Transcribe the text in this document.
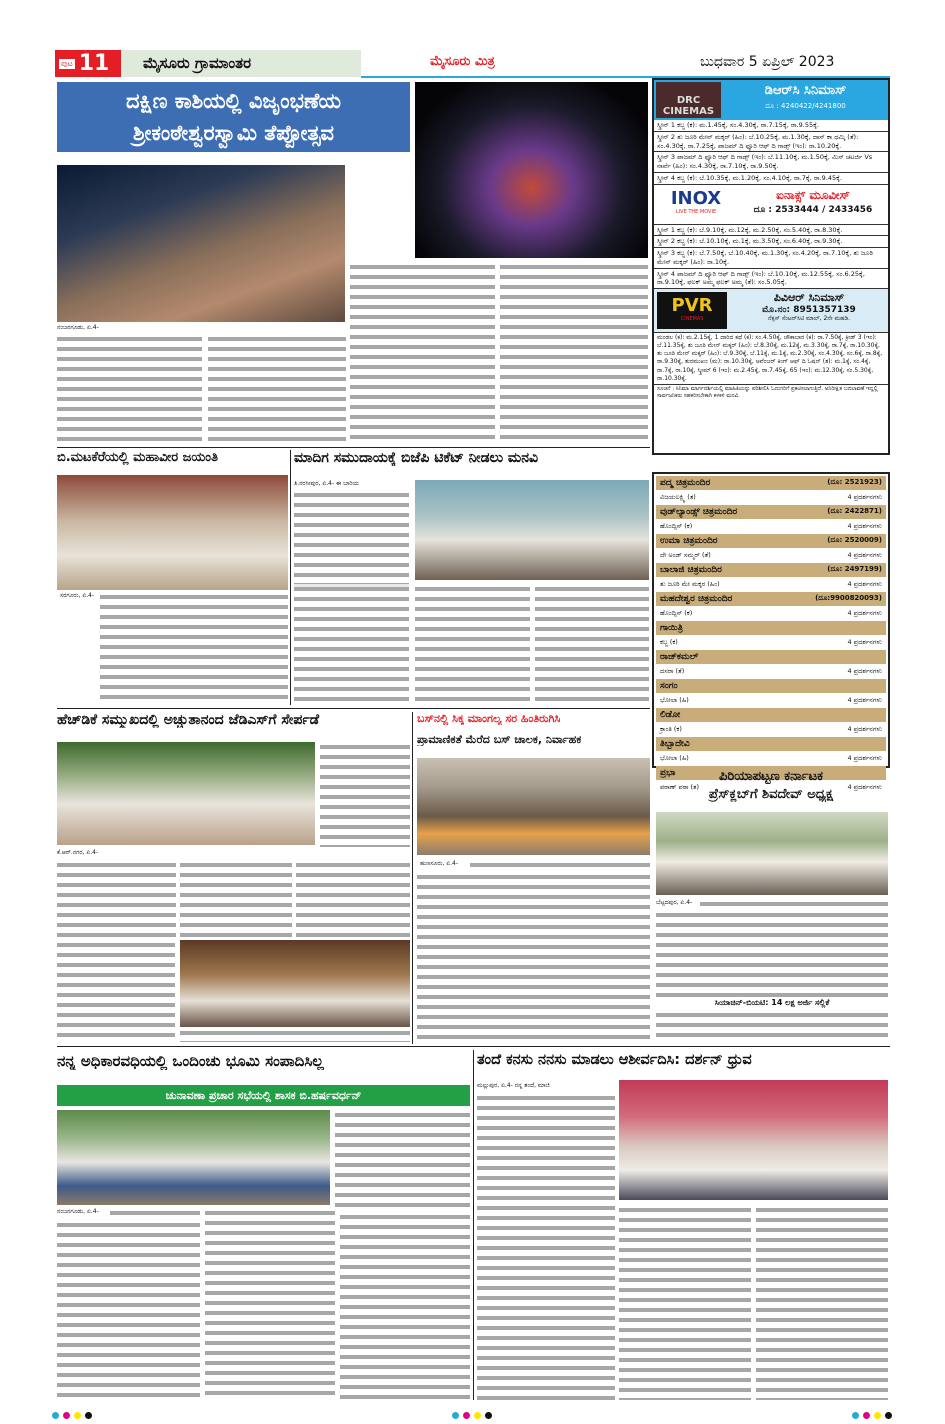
ಪುಟ 11	ಮೈಸೂರು ಗ್ರಾಮಾಂತರ	ಮೈಸೂರು ಮಿತ್ರ	ಬುಧವಾರ 5 ಏಪ್ರಿಲ್ 2023
ದಕ್ಷಿಣ ಕಾಶಿಯಲ್ಲಿ ವಿಜೃಂಭಣೆಯ
ಶ್ರೀಕಂಠೇಶ್ವರಸ್ವಾಮಿ ತೆಪ್ಪೋತ್ಸವ
ನಂಜನಗೂಡು, ಏ.4-
ಬಿ.ಮಟಕೆರೆಯಲ್ಲಿ ಮಹಾವೀರ ಜಯಂತಿ
ಸರಗೂರು, ಏ.4-
ಮಾದಿಗ ಸಮುದಾಯಕ್ಕೆ ಬಿಜೆಪಿ ಟಿಕೆಟ್ ನೀಡಲು ಮನವಿ
ತಿ.ನರಸೀಪುರ, ಏ.4- ಈ ಬಾರಿಯ
DRC CINEMAS
ಡಿಆರ್‌ಸಿ ಸಿನಿಮಾಸ್
ದೂ : 4240422/4241800
ಸ್ಕ್ರೀನ್ 1 ಕಬ್ಜ (ಕ): ಮ.1.45ಕ್ಕೆ, ಸಂ.4.30ಕ್ಕೆ, ರಾ.7.15ಕ್ಕೆ, ರಾ.9.55ಕ್ಕೆ.
ಸ್ಕ್ರೀನ್ 2 ತು ಜೂಠಿ ಮೇನ್ ಮಕ್ಕರ್ (ಹಿಂ): ಬೆ.10.25ಕ್ಕೆ, ಮ.1.30ಕ್ಕೆ, ದಾಸ್ ಕಾ ಧಮ್ಕಿ (ತೆ): ಸಂ.4.30ಕ್ಕೆ, ರಾ.7.25ಕ್ಕೆ, ಪಾಜಮ್ ದಿ ಫ್ಯೂರಿ ಆಫ್ ದಿ ಗಾಡ್ಸ್ (ಇಂ): ರಾ.10.20ಕ್ಕೆ.
ಸ್ಕ್ರೀನ್ 3 ಪಾಜಮ್ ದಿ ಫ್ಯೂರಿ ಆಫ್ ದಿ ಗಾಡ್ಸ್ (ಇಂ): ಬೆ.11.10ಕ್ಕೆ, ಮ.1.50ಕ್ಕೆ, ಮಿಸ್ ಚಟರ್ಜಿ Vs ನಾರ್ವೆ (ಹಿಂ): ಸಂ.4.30ಕ್ಕೆ, ರಾ.7.10ಕ್ಕೆ, ರಾ.9.50ಕ್ಕೆ.
ಸ್ಕ್ರೀನ್ 4 ಕಬ್ಜ (ಕ): ಬೆ.10.35ಕ್ಕೆ, ಮ.1.20ಕ್ಕೆ, ಸಂ.4.10ಕ್ಕೆ, ರಾ.7ಕ್ಕೆ, ರಾ.9.45ಕ್ಕೆ.
INOX
LIVE THE MOVIE
ಐನಾಕ್ಸ್ ಮೂವೀಸ್
ದೂ : 2533444 / 2433456
ಸ್ಕ್ರೀನ್ 1 ಕಬ್ಜ (ಕ): ಬೆ.9.10ಕ್ಕೆ, ಮ.12ಕ್ಕೆ, ಮ.2.50ಕ್ಕೆ, ಸಂ.5.40ಕ್ಕೆ, ರಾ.8.30ಕ್ಕೆ.
ಸ್ಕ್ರೀನ್ 2 ಕಬ್ಜ (ಕ): ಬೆ.10.10ಕ್ಕೆ, ಮ.1ಕ್ಕೆ, ಮ.3.50ಕ್ಕೆ, ಸಂ.6.40ಕ್ಕೆ, ರಾ.9.30ಕ್ಕೆ.
ಸ್ಕ್ರೀನ್ 3 ಕಬ್ಜ (ಕ): ಬೆ.7.50ಕ್ಕೆ, ಬೆ.10.40ಕ್ಕೆ, ಮ.1.30ಕ್ಕೆ, ಸಂ.4.20ಕ್ಕೆ, ರಾ.7.10ಕ್ಕೆ, ತು ಜೂಠಿ ಮೇನ್ ಮಕ್ಕರ್ (ಹಿಂ): ರಾ.10ಕ್ಕೆ.
ಸ್ಕ್ರೀನ್ 4 ಪಾಜಮ್ ದಿ ಫ್ಯೂರಿ ಆಫ್ ದಿ ಗಾಡ್ಸ್ (ಇಂ): ಬೆ.10.10ಕ್ಕೆ, ಮ.12.55ಕ್ಕೆ, ಸಂ.6.25ಕ್ಕೆ, ರಾ.9.10ಕ್ಕೆ, ಫಲಕ್ ಅಮ್ಮ ಫಲಕ್ ಅಮ್ಮ (ತೆ): ಸಂ.5.05ಕ್ಕೆ.
PVR
CINEMAS
ಪಿವಿಆರ್ ಸಿನಿಮಾಸ್
ಮೊ.ನಂ: 8951357139
ನೆಕ್ಸಸ್ ಸೆಂಟರ್‌ಸಿಟಿ ಮಾಲ್, 2ನೇ ಮಹಡಿ.
ಮಂಡಲ (ಕ): ಮ.2.15ಕ್ಕೆ, 1 ದಾರಿದ ಕಥೆ (ಕ): ಸಂ.4.50ಕ್ಕೆ, ಚೌಕಾಬಾರ (ಕ): ರಾ.7.50ಕ್ಕೆ, ಕ್ರೀಡ್ 3 (ಇಂ): ಬೆ.11.35ಕ್ಕೆ, ತು ಜೂಠಿ ಮೇನ್ ಮಕ್ಕರ್ (ಹಿಂ): ಬೆ.8.30ಕ್ಕೆ, ಮ.12ಕ್ಕೆ, ಮ.3.30ಕ್ಕೆ, ರಾ.7ಕ್ಕೆ, ರಾ.10.30ಕ್ಕೆ, ತು ಜೂಠಿ ಮೇನ್ ಮಕ್ಕರ್ (ಹಿಂ): ಬೆ.9.30ಕ್ಕೆ, ಬೆ.11ಕ್ಕೆ, ಮ.1ಕ್ಕೆ, ಮ.2.30ಕ್ಕೆ, ಸಂ.4.30ಕ್ಕೆ, ಸಂ.6ಕ್ಕೆ, ರಾ.8ಕ್ಕೆ, ರಾ.9.30ಕ್ಕೆ, ತುರಮುಖಂ (ಮ): ರಾ.10.30ಕ್ಕೆ, ಅವೆಂಜರ್ ಕಿಂಗ್ ಆಫ್ ದಿ ಓಷನ್ (ತ): ಮ.1ಕ್ಕೆ, ಸಂ.4ಕ್ಕೆ, ರಾ.7ಕ್ಕೆ, ರಾ.10ಕ್ಕೆ, ಸ್ಕ್ರೀಮ್ 6 (ಇಂ): ಮ.2.45ಕ್ಕೆ, ರಾ.7.45ಕ್ಕೆ, 65 (ಇಂ): ಮ.12.30ಕ್ಕೆ, ಸಂ.5.30ಕ್ಕೆ, ರಾ.10.30ಕ್ಕೆ.
ಸೂಚನೆ : ಸಿನಿಮಾ ಮಾರ್ಗದರ್ಶಿಯಲ್ಲಿ ಮಾಹಿತಿಯನ್ನು ಪರಿಶೀಲಿಸಿ ಓದುಗರಿಗೆ ಪ್ರಕಟಿಸಲಾಗುತ್ತಿದೆ. ಅನಿರೀಕ್ಷಿತ ಬದಲಾವಣೆ ಇದ್ದಲ್ಲಿ ಸಾರ್ವಜನಿಕರು ಸಹಕರಿಸಬೇಕಾಗಿ ಕಳಕಳಿ ಮನವಿ.
ಪದ್ಮ ಚಿತ್ರಮಂದಿರ	(ದೂ: 2521923)
ವಿಜಯಲಕ್ಷ್ಮಿ (ತ)	4 ಪ್ರದರ್ಶನಗಳು
ವುಡ್‌ಲ್ಯಾಂಡ್ಸ್ ಚಿತ್ರಮಂದಿರ	(ದೂ: 2422871)
ಹೊಂದ್ಸಿಸ್ (ಕ)	4 ಪ್ರದರ್ಶನಗಳು
ಉಮಾ ಚಿತ್ರಮಂದಿರ	(ದೂ: 2520009)
ದೇ ಅಂಡ್ ಸಮ್ಮರ್ (ತೆ)	4 ಪ್ರದರ್ಶನಗಳು
ಬಾಲಾಜಿ ಚಿತ್ರಮಂದಿರ	(ದೂ: 2497199)
ತು ಜೂಠಿ ಮೇ ಮಕ್ಕರ (ಹಿಂ)	4 ಪ್ರದರ್ಶನಗಳು
ಮಹದೇಶ್ವರ ಚಿತ್ರಮಂದಿರ	(ದೂ:9900820093)
ಹೊಂದ್ಸಿಸ್ (ಕ)	4 ಪ್ರದರ್ಶನಗಳು
ಗಾಯಿತ್ರಿ
ಕಬ್ಜ (ಕ)	4 ಪ್ರದರ್ಶನಗಳು
ರಾಜ್‌ಕಮಲ್
ದಸರಾ (ತೆ)	4 ಪ್ರದರ್ಶನಗಳು
ಸಂಗಂ
ಭೋಲಾ (ಹಿ)	4 ಪ್ರದರ್ಶನಗಳು
ಲಿಡೋ
ಕ್ರಾಂತಿ (ಕ)	4 ಪ್ರದರ್ಶನಗಳು
ತಿಬ್ಬಾದೇವಿ
ಭೋಲಾ (ಹಿ)	4 ಪ್ರದರ್ಶನಗಳು
ಪ್ರಭಾ
ಪಠಾಣ್ ಪಠಾ (ತ)	4 ಪ್ರದರ್ಶನಗಳು
ಹೆಚ್‌ಡಿಕೆ ಸಮ್ಮುಖದಲ್ಲಿ ಅಚ್ಚುತಾನಂದ ಜೆಡಿಎಸ್‌ಗೆ ಸೇರ್ಪಡೆ
ಕೆ.ಆರ್.ನಗರ, ಏ.4-
ಬಸ್‌ನಲ್ಲಿ ಸಿಕ್ಕ ಮಾಂಗಲ್ಯ ಸರ ಹಿಂತಿರುಗಿಸಿ
ಪ್ರಾಮಾಣಿಕತೆ ಮೆರೆದ ಬಸ್ ಚಾಲಕ, ನಿರ್ವಾಹಕ
ಹುಣಸೂರು, ಏ.4-
ಪಿರಿಯಾಪಟ್ಟಣ ಕರ್ನಾಟಕ
ಪ್ರೆಸ್‌ಕ್ಲಬ್‌ಗೆ ಶಿವದೇವ್ ಅಧ್ಯಕ್ಷ
ಬೆಟ್ಟದಪುರ, ಏ.4-
ಸಿಯಾಚಿನ್-ಬಿಯಟಿ: 14 ಲಕ್ಷ ಅರ್ಜಿ ಸಲ್ಲಿಕೆ
ನನ್ನ ಅಧಿಕಾರವಧಿಯಲ್ಲಿ ಒಂದಿಂಚು ಭೂಮಿ ಸಂಪಾದಿಸಿಲ್ಲ
ಚುನಾವಣಾ ಪ್ರಚಾರ ಸಭೆಯಲ್ಲಿ ಶಾಸಕ ಬಿ.ಹರ್ಷವರ್ಧನ್
ನಂಜನಗೂಡು, ಏ.4-
ತಂದೆ ಕನಸು ನನಸು ಮಾಡಲು ಆಶೀರ್ವದಿಸಿ: ದರ್ಶನ್ ಧ್ರುವ
ಮಲ್ಲುಪುರ, ಏ.4- ನನ್ನ ತಂದೆ, ಮಾಜಿ
